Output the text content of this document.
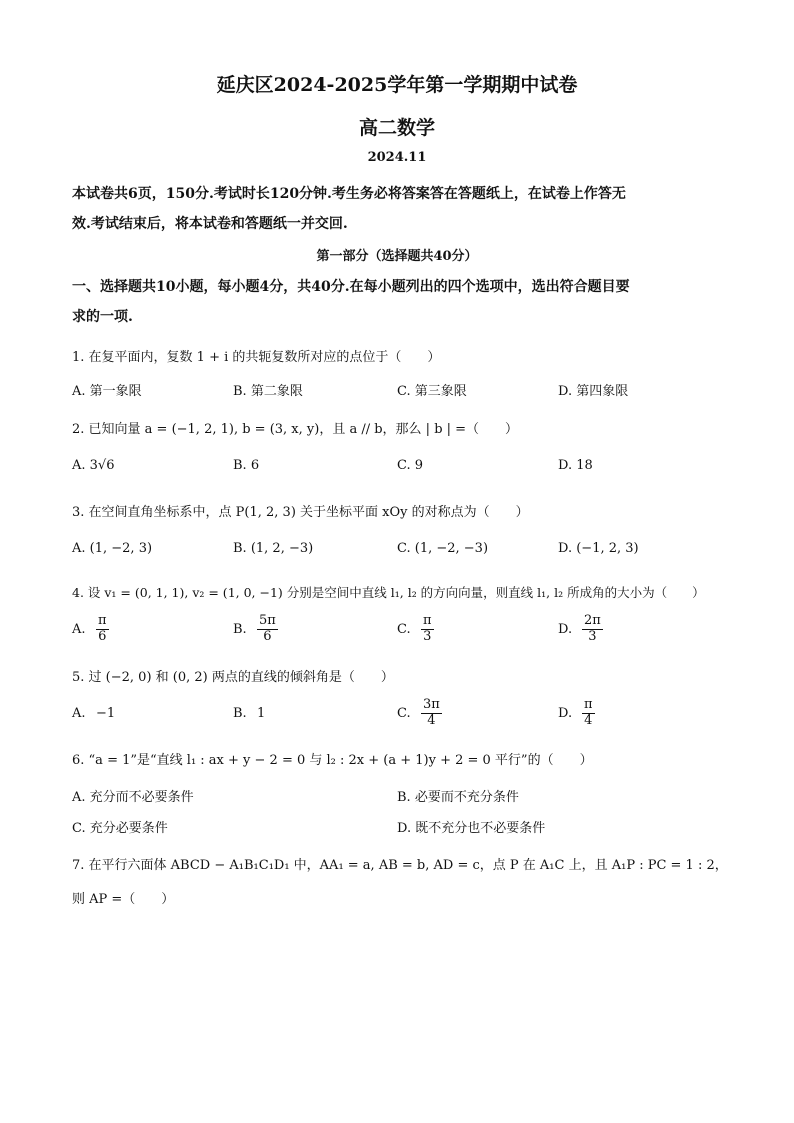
延庆区2024-2025学年第一学期期中试卷
高二数学
2024.11
本试卷共6页，150分.考试时长120分钟.考生务必将答案答在答题纸上，在试卷上作答无
效.考试结束后，将本试卷和答题纸一并交回.
第一部分（选择题共40分）
一、选择题共10小题，每小题4分，共40分.在每小题列出的四个选项中，选出符合题目要
求的一项.
1. 在复平面内，复数 1 + i 的共轭复数所对应的点位于（　　）
A. 第一象限	B. 第二象限	C. 第三象限	D. 第四象限
2. 已知向量 a = (−1, 2, 1), b = (3, x, y)，且 a // b，那么 | b | =（　　）
A. 3√6	B. 6	C. 9	D. 18
3. 在空间直角坐标系中，点 P(1, 2, 3) 关于坐标平面 xOy 的对称点为（　　）
A. (1, −2, 3)	B. (1, 2, −3)	C. (1, −2, −3)	D. (−1, 2, 3)
4. 设 v₁ = (0, 1, 1), v₂ = (1, 0, −1) 分别是空间中直线 l₁, l₂ 的方向向量，则直线 l₁, l₂ 所成角的大小为（　　）
A. $\frac{\pi}{6}$	B. $\frac{5\pi}{6}$	C. $\frac{\pi}{3}$	D. $\frac{2\pi}{3}$
5. 过 (−2, 0) 和 (0, 2) 两点的直线的倾斜角是（　　）
A. −1	B. 1	C. $\frac{3\pi}{4}$	D. $\frac{\pi}{4}$
6. “a = 1”是“直线 l₁ : ax + y − 2 = 0 与 l₂ : 2x + (a + 1)y + 2 = 0 平行”的（　　）
A. 充分而不必要条件	B. 必要而不充分条件
C. 充分必要条件	D. 既不充分也不必要条件
7. 在平行六面体 ABCD − A₁B₁C₁D₁ 中，AA₁ = a, AB = b, AD = c，点 P 在 A₁C 上，且 A₁P : PC = 1 : 2，
则 AP =（　　）
